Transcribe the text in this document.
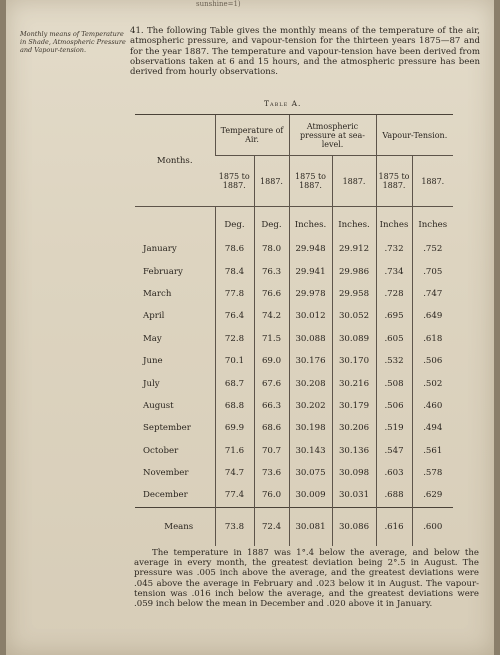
sunshine=1)
Monthly means of Temperature in Shade, Atmospheric Pressure and Vapour-tension.
41. The following Table gives the monthly means of the temperature of the air, atmospheric pressure, and vapour-tension for the thirteen years 1875—87 and for the year 1887. The temperature and vapour-tension have been derived from observations taken at 6 and 15 hours, and the atmospheric pressure has been derived from hourly observations.
Table A.
Months.	Temperature of Air.		Atmospheric pressure at sea-level.		Vapour-Tension.	
	1875 to 1887.	1887.	1875 to 1887.	1887.	1875 to 1887.	1887.
	Deg.	Deg.	Inches.	Inches.	Inches	Inches
January	78.6	78.0	29.948	29.912	.732	.752
February	78.4	76.3	29.941	29.986	.734	.705
March	77.8	76.6	29.978	29.958	.728	.747
April	76.4	74.2	30.012	30.052	.695	.649
May	72.8	71.5	30.088	30.089	.605	.618
June	70.1	69.0	30.176	30.170	.532	.506
July	68.7	67.6	30.208	30.216	.508	.502
August	68.8	66.3	30.202	30.179	.506	.460
September	69.9	68.6	30.198	30.206	.519	.494
October	71.6	70.7	30.143	30.136	.547	.561
November	74.7	73.6	30.075	30.098	.603	.578
December	77.4	76.0	30.009	30.031	.688	.629
Means	73.8	72.4	30.081	30.086	.616	.600
The temperature in 1887 was 1°.4 below the average, and below the average in every month, the greatest deviation being 2°.5 in August. The pressure was .005 inch above the average, and the greatest deviations were .045 above the average in February and .023 below it in August. The vapour-tension was .016 inch below the average, and the greatest deviations were .059 inch below the mean in December and .020 above it in January.
